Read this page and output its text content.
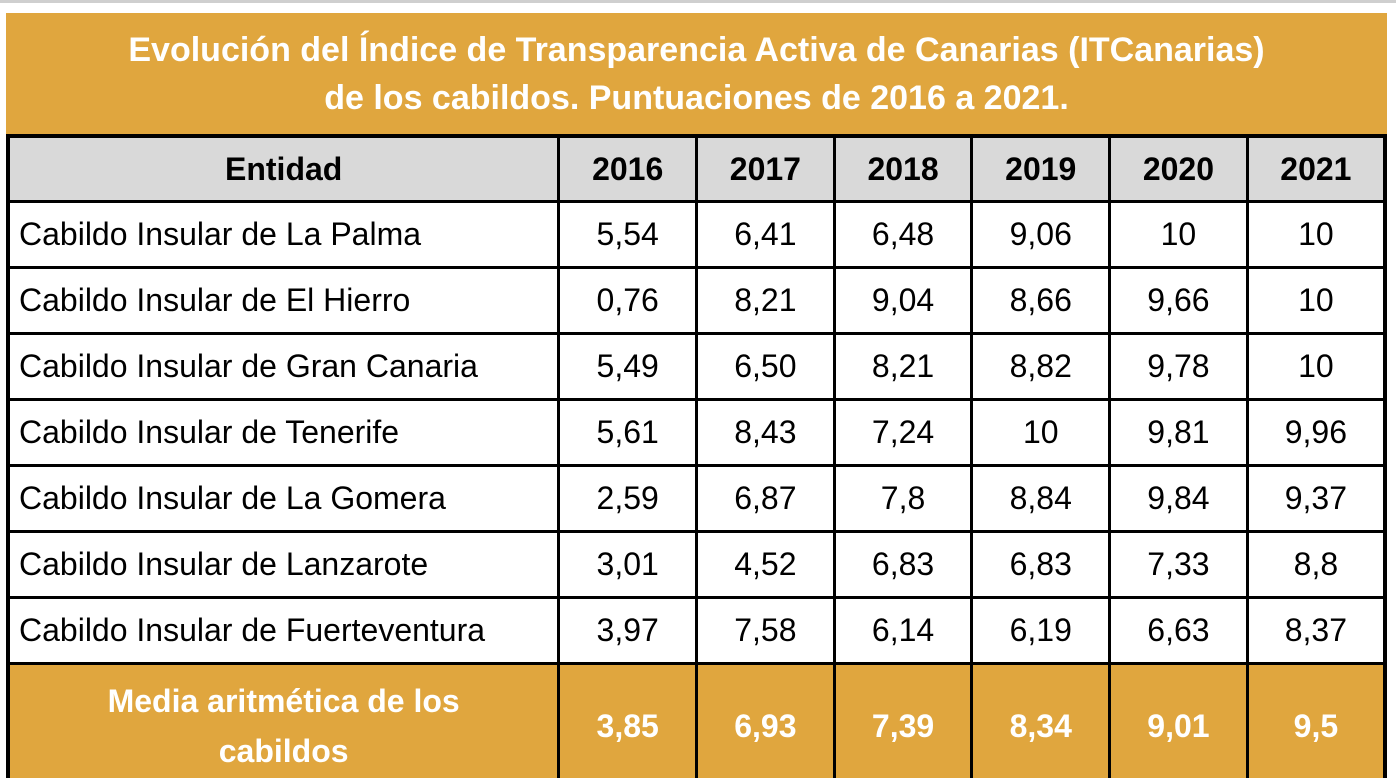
Evolución del Índice de Transparencia Activa de Canarias (ITCanarias)
de los cabildos. Puntuaciones de 2016 a 2021.
Entidad	2016	2017	2018	2019	2020	2021
Cabildo Insular de La Palma	5,54	6,41	6,48	9,06	10	10
Cabildo Insular de El Hierro	0,76	8,21	9,04	8,66	9,66	10
Cabildo Insular de Gran Canaria	5,49	6,50	8,21	8,82	9,78	10
Cabildo Insular de Tenerife	5,61	8,43	7,24	10	9,81	9,96
Cabildo Insular de La Gomera	2,59	6,87	7,8	8,84	9,84	9,37
Cabildo Insular de Lanzarote	3,01	4,52	6,83	6,83	7,33	8,8
Cabildo Insular de Fuerteventura	3,97	7,58	6,14	6,19	6,63	8,37
Media aritmética de los cabildos	3,85	6,93	7,39	8,34	9,01	9,5
